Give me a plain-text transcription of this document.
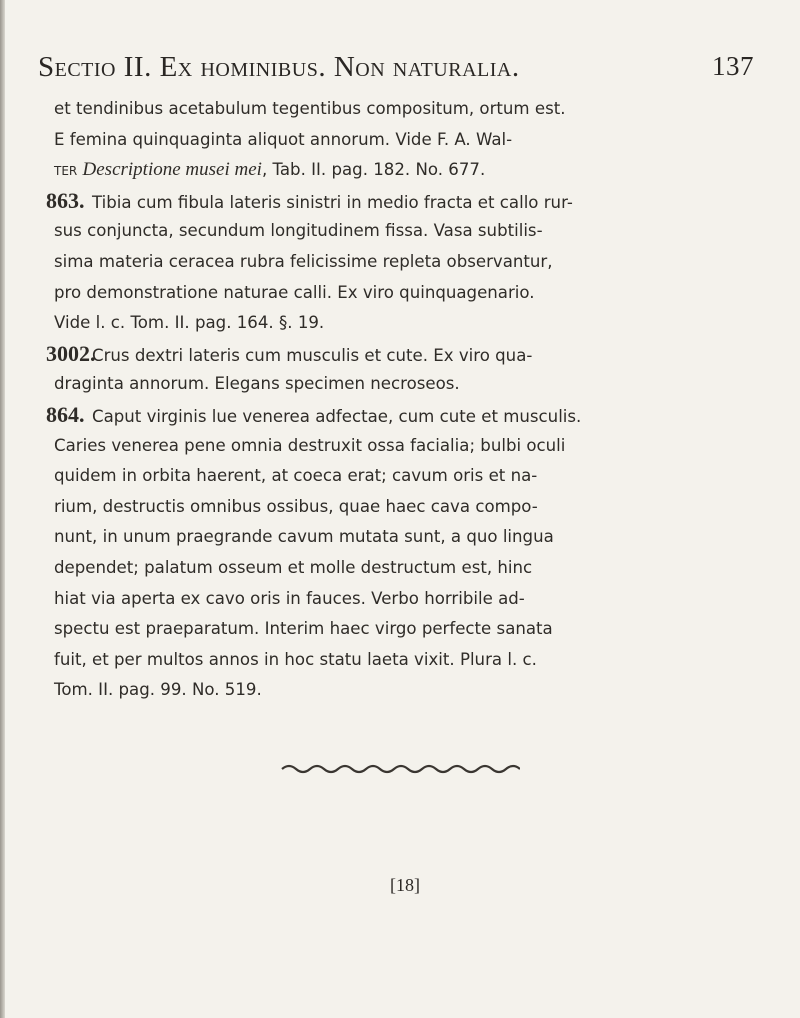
Sectio II. Ex hominibus. Non naturalia.	137
et tendinibus acetabulum tegentibus compositum, ortum est.
E femina quinquaginta aliquot annorum. Vide F. A. Wal-
ter Descriptione musei mei, Tab. II. pag. 182. No. 677.
863. Tibia cum fibula lateris sinistri in medio fracta et callo rur-
sus conjuncta, secundum longitudinem fissa. Vasa subtilis-
sima materia ceracea rubra felicissime repleta observantur,
pro demonstratione naturae calli. Ex viro quinquagenario.
Vide l. c. Tom. II. pag. 164. §. 19.
3002.Crus dextri lateris cum musculis et cute. Ex viro qua-
draginta annorum. Elegans specimen necroseos.
864. Caput virginis lue venerea adfectae, cum cute et musculis.
Caries venerea pene omnia destruxit ossa facialia; bulbi oculi
quidem in orbita haerent, at coeca erat; cavum oris et na-
rium, destructis omnibus ossibus, quae haec cava compo-
nunt, in unum praegrande cavum mutata sunt, a quo lingua
dependet; palatum osseum et molle destructum est, hinc
hiat via aperta ex cavo oris in fauces. Verbo horribile ad-
spectu est praeparatum. Interim haec virgo perfecte sanata
fuit, et per multos annos in hoc statu laeta vixit. Plura l. c.
Tom. II. pag. 99. No. 519.
[18]
